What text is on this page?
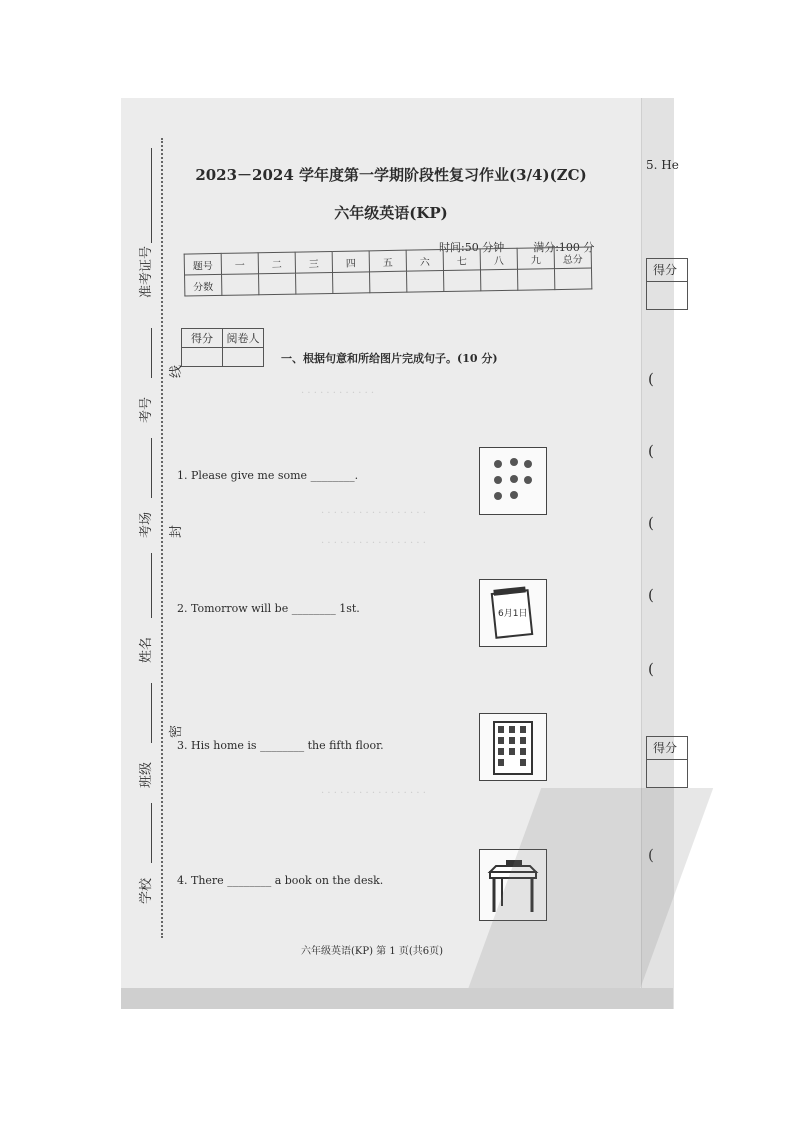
准考证号
考号
考场
姓名
班级
学校
线
封
密
2023－2024 学年度第一学期阶段性复习作业(3/4)(ZC)
六年级英语(KP)
时间:50 分钟	满分:100 分
题号	一	二	三	四	五	六	七	八	九	总分
分数										
得分	阅卷人

一、根据句意和所给图片完成句子。(10 分)
· · · · · · · · · · · ·
· · · · · · · · · · · · · · · · ·
· · · · · · · · · · · · · · · · ·
· · · · · · · · · · · · · · · · ·
1. Please give me some ________.
2. Tomorrow will be ________ 1st.	6月1日
3. His home is ________ the fifth floor.
4. There ________ a book on the desk.
六年级英语(KP) 第 1 页(共6页)
5. He
得分
(
(
(
(
(
得分
(
